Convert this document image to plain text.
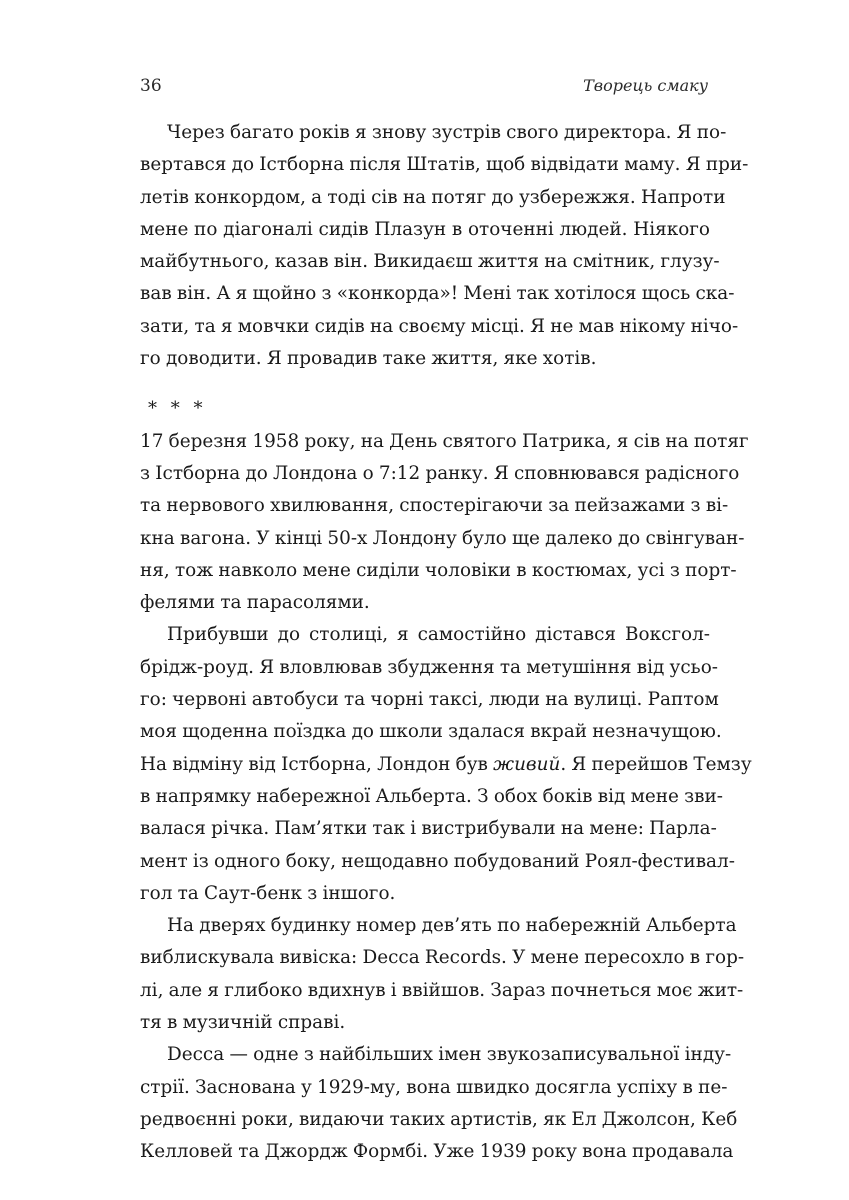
36	Творець смаку
Через багато років я знову зустрів свого директора. Я по-
вертався до Істборна після Штатів, щоб відвідати маму. Я при-
летів конкордом, а тоді сів на потяг до узбережжя. Напроти
мене по діагоналі сидів Плазун в оточенні людей. Ніякого
майбутнього, казав він. Викидаєш життя на смітник, глузу-
вав він. А я щойно з «конкорда»! Мені так хотілося щось ска-
зати, та я мовчки сидів на своєму місці. Я не мав нікому нічо-
го доводити. Я провадив таке життя, яке хотів.
* * *
17 березня 1958 року, на День святого Патрика, я сів на потяг
з Істборна до Лондона о 7:12 ранку. Я сповнювався радісного
та нервового хвилювання, спостерігаючи за пейзажами з ві-
кна вагона. У кінці 50-х Лондону було ще далеко до свінгуван-
ня, тож навколо мене сиділи чоловіки в костюмах, усі з порт-
фелями та парасолями.
Прибувши до столиці, я самостійно дістався Воксгол-
брідж-роуд. Я вловлював збудження та метушіння від усьо-
го: червоні автобуси та чорні таксі, люди на вулиці. Раптом
моя щоденна поїздка до школи здалася вкрай незначущою.
На відміну від Істборна, Лондон був живий. Я перейшов Темзу
в напрямку набережної Альберта. З обох боків від мене зви-
валася річка. Пам’ятки так і вистрибували на мене: Парла-
мент із одного боку, нещодавно побудований Роял-фестивал-
гол та Саут-бенк з іншого.
На дверях будинку номер дев’ять по набережній Альберта
виблискувала вивіска: Decca Records. У мене пересохло в гор-
лі, але я глибоко вдихнув і ввійшов. Зараз почнеться моє жит-
тя в музичній справі.
Decca — одне з найбільших імен звукозаписувальної інду-
стрії. Заснована у 1929-му, вона швидко досягла успіху в пе-
редвоєнні роки, видаючи таких артистів, як Ел Джолсон, Кеб
Келловей та Джордж Формбі. Уже 1939 року вона продавала
